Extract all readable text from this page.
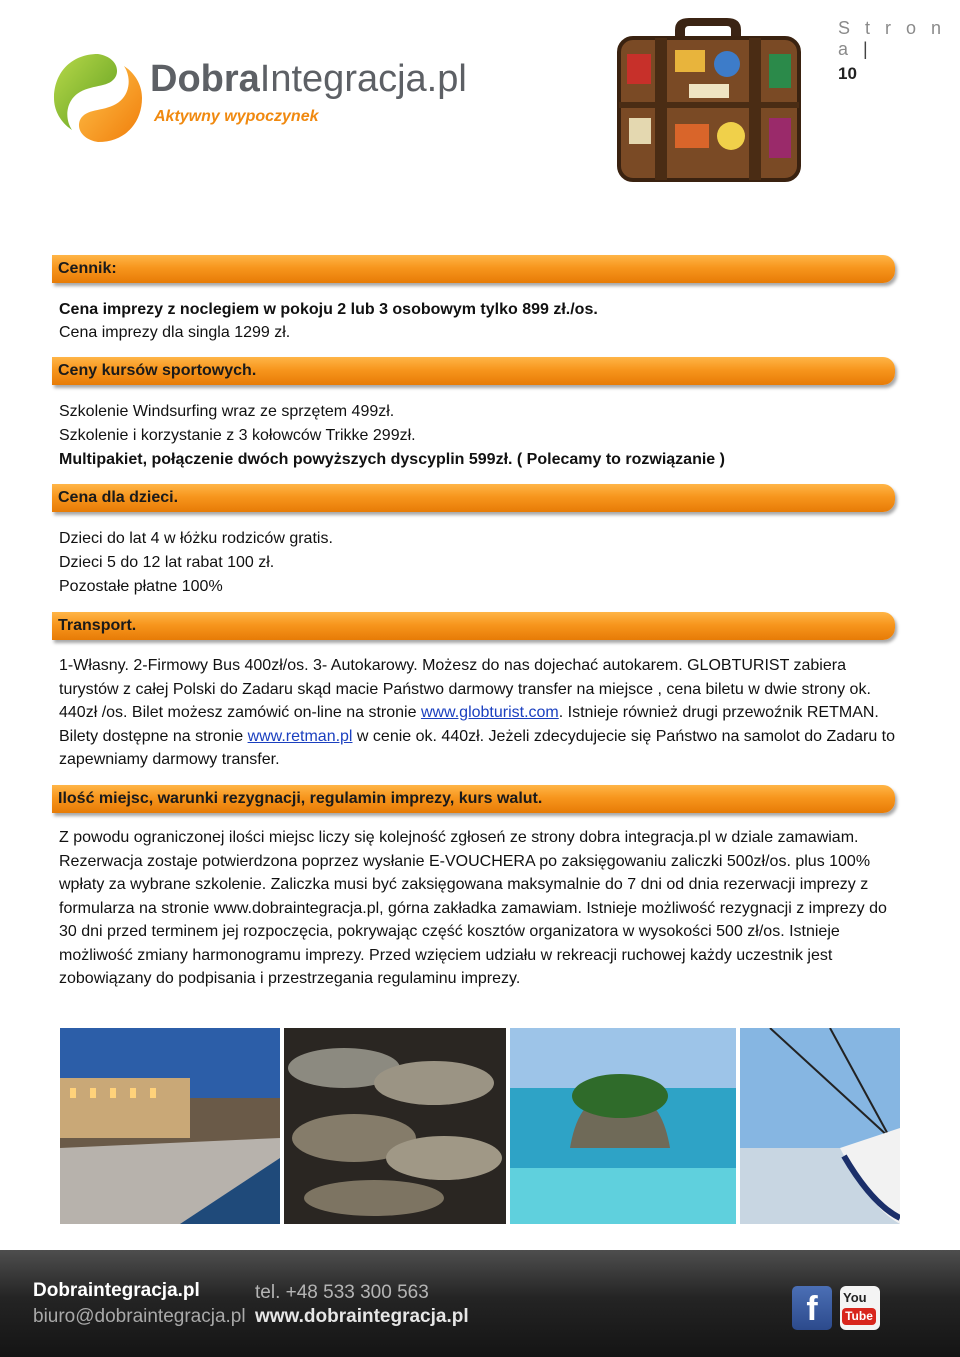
S t r o n a |
10
DobraIntegracja.pl
Aktywny wypoczynek
Cennik:
Cena imprezy z noclegiem w pokoju 2 lub 3 osobowym tylko 899 zł./os.
Cena imprezy dla singla 1299 zł.
Ceny kursów sportowych.
Szkolenie Windsurfing wraz ze sprzętem 499zł.
Szkolenie i korzystanie z 3 kołowców Trikke 299zł.
Multipakiet, połączenie dwóch powyższych dyscyplin 599zł. ( Polecamy to rozwiązanie )
Cena dla dzieci.
Dzieci do lat 4 w łóżku rodziców gratis.
Dzieci 5 do 12 lat rabat 100 zł.
Pozostałe płatne 100%
Transport.
1-Własny. 2-Firmowy Bus 400zł/os. 3- Autokarowy. Możesz do nas dojechać autokarem. GLOBTURIST zabiera turystów z całej Polski do Zadaru skąd macie Państwo darmowy transfer na miejsce , cena biletu w dwie strony ok. 440zł /os. Bilet możesz zamówić on-line na stronie www.globturist.com. Istnieje również drugi przewoźnik RETMAN. Bilety dostępne na stronie www.retman.pl w cenie ok. 440zł. Jeżeli zdecydujecie się Państwo na samolot do Zadaru to zapewniamy darmowy transfer.
Ilość miejsc, warunki rezygnacji, regulamin imprezy, kurs walut.
Z powodu ograniczonej ilości miejsc liczy się kolejność zgłoseń ze strony dobra integracja.pl w dziale zamawiam. Rezerwacja zostaje potwierdzona poprzez wysłanie E-VOUCHERA po zaksięgowaniu zaliczki 500zł/os. plus 100% wpłaty za wybrane szkolenie. Zaliczka musi być zaksięgowana maksymalnie do 7 dni od dnia rezerwacji imprezy z formularza na stronie www.dobraintegracja.pl, górna zakładka zamawiam. Istnieje możliwość rezygnacji z imprezy do 30 dni przed terminem jej rozpoczęcia, pokrywając część kosztów organizatora w wysokości 500 zł/os. Istnieje możliwość zmiany harmonogramu imprezy. Przed wzięciem udziału w rekreacji ruchowej każdy uczestnik jest zobowiązany do podpisania i przestrzegania regulaminu imprezy.
Dobraintegracja.pl
biuro@dobraintegracja.pl
tel. +48 533 300 563
www.dobraintegracja.pl	f	You
Tube
